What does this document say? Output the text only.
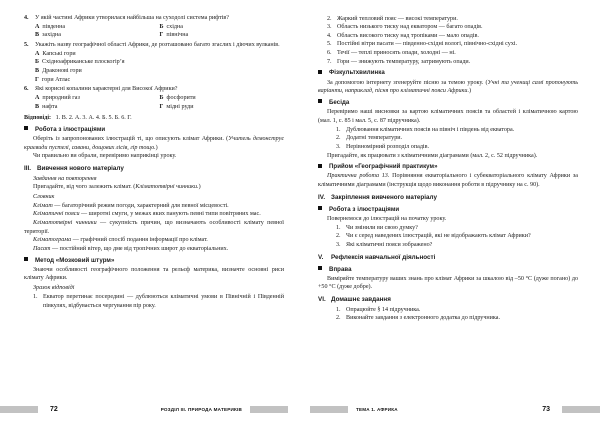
4.	У якій частині Африки утворилася найбільша на суходолі система рифтів?
А південна	Б східна
В західна	Г північна
5.	Укажіть назву географічної області Африки, де розташовано багато згаслих і діючих вулканів.
А Капські гори
Б Східноафриканське плоскогір’я
В Драконові гори
Г гори Атлас
6.	Які корисні копалини характерні для Високої Африки?
А природний газ	Б фосфорити
В нафта	Г мідні руди
Відповіді: 1. В. 2. А. 3. А. 4. Б. 5. Б. 6. Г.
Робота з ілюстраціями

Оберіть із запропонованих ілюстрацій ті, що описують клімат Африки. (Учитель демонструє краєвиди пустелі, савани, дощових лісів, гір тощо.)

Чи правильно ви обрали, перевіримо наприкінці уроку.

III. Вивчення нового матеріалу
Завдання на повторення

Пригадайте, від чого залежить клімат. (Кліматотвірні чинники.)

Словник

Клімат — багаторічний режим погоди, характерний для певної місцевості.

Кліматичні пояси — широтні смуги, у межах яких панують певні типи повітряних мас.

Кліматотвірні чинники — сукупність причин, що визначають особливості клімату певної території.

Кліматограма — графічний спосіб подання інформації про клімат.

Пасат — постійний вітер, що дме від тропічних широт до екваторіальних.

Метод «Мозковий штурм»

Знаючи особливості географічного положення та рельєф материка, визначте основні риси клімату Африки.

Зразок відповіді
1. Екватор перетинає посередині — дублюються кліматичні умови в Північній і Південній півкулях, відбувається чергування пір року.
72	РОЗДІЛ III. ПРИРОДА МАТЕРИКІВ
2. Жаркий тепловий пояс — високі температури.
3. Область низького тиску над екватором — багато опадів.
4. Область високого тиску над тропіками — мало опадів.
5. Постійні вітри пасати — південно-східні вологі, північно-східні сухі.
6. Течії — теплі приносять опади, холодні — ні.
7. Гори — знижують температуру, затримують опади.
Фізкультхвилинка

За допомогою інтернету згенеруйте пісню за темою уроку. (Учні та учениці самі пропонують варіанти, наприклад, пісня про кліматичні пояси Африки.)

Бесіда

Перевіримо наші висновки за картою кліматичних поясів та областей і кліматичною картою (мал. 1, с. 85 і мал. 5, с. 87 підручника).

1. Дублювання кліматичних поясів на північ і південь від екватора.
2. Додатні температури.
3. Нерівномірний розподіл опадів.

Пригадайте, як працювати з кліматичними діаграмами (мал. 2, с. 52 підручника).

Прийом «Географічний практикум»

Практична робота 13. Порівняння екваторіального і субекваторіального клімату Африки за кліматичними діаграмами (інструкція щодо виконання роботи в підручнику на с. 90).

IV. Закріплення вивченого матеріалу
Робота з ілюстраціями

Повернемося до ілюстрацій на початку уроку.

1. Чи змінили ви свою думку?
2. Чи є серед наведених ілюстрацій, які не відображають клімат Африки?
3. Які кліматичні пояси зображено?
V.	Рефлексія навчальної діяльності
Вправа

Виміряйте температуру ваших знань про клімат Африки за шкалою від –50 °С (дуже погано) до +50 °С (дуже добре).

VI. Домашнє завдання
1. Опрацюйте § 14 підручника.
2. Виконайте завдання з електронного додатка до підручника.
ТЕМА 1. АФРИКА	73
